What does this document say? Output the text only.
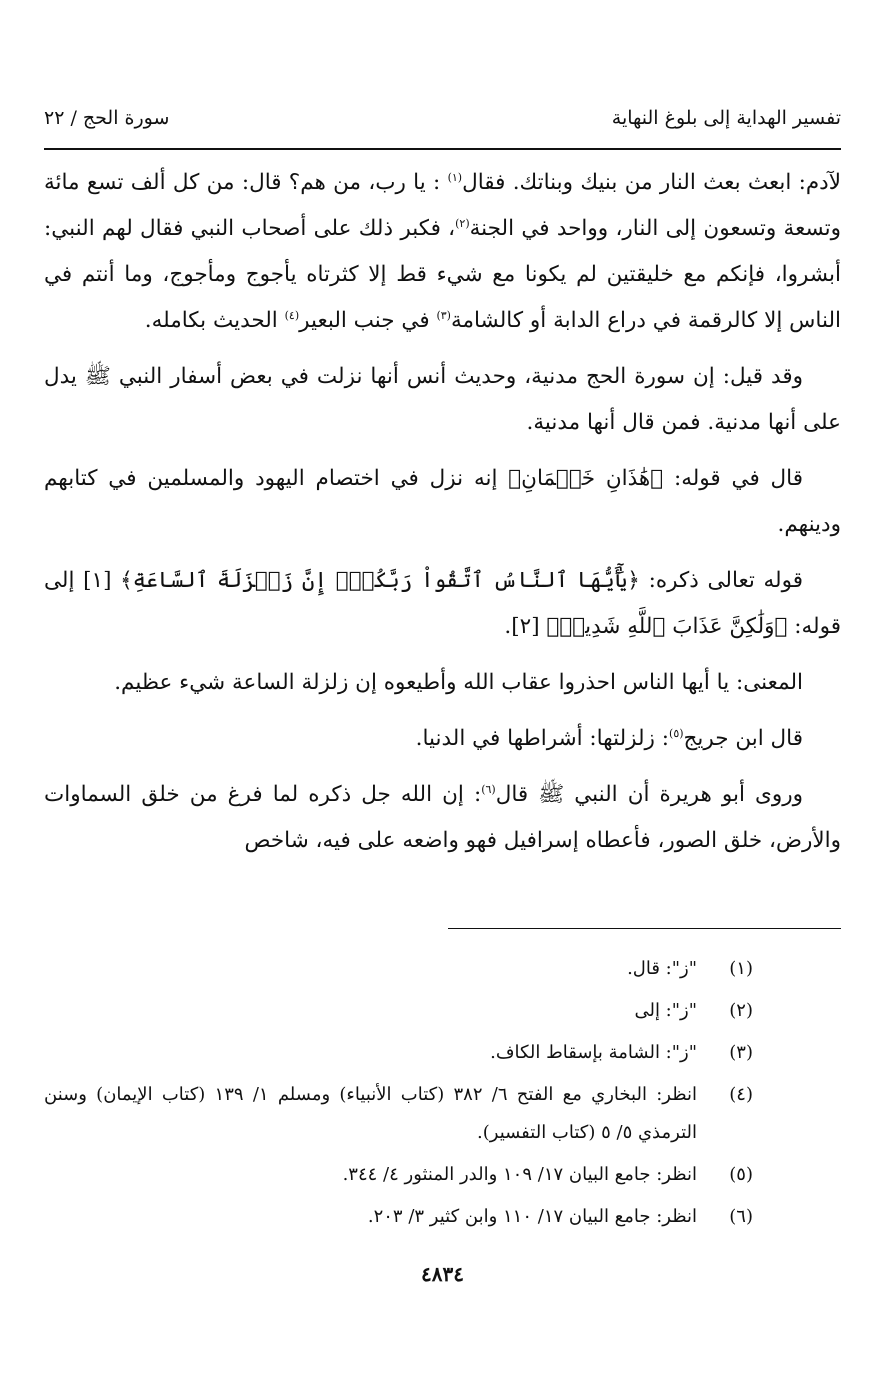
تفسير الهداية إلى بلوغ النهاية
سورة الحج / ٢٢

لآدم: ابعث بعث النار من بنيك وبناتك. فقال$^{(١)}$ : يا رب، من هم؟ قال: من كل ألف تسع مائة وتسعة وتسعون إلى النار، وواحد في الجنة$^{(٢)}$، فكبر ذلك على أصحاب النبي فقال لهم النبي: أبشروا، فإنكم مع خليقتين لم يكونا مع شيء قط إلا كثرتاه يأجوج ومأجوج، وما أنتم في الناس إلا كالرقمة في دراع الدابة أو كالشامة$^{(٣)}$ في جنب البعير$^{(٤)}$ الحديث بكامله.

وقد قيل: إن سورة الحج مدنية، وحديث أنس أنها نزلت في بعض أسفار النبي ﷺ يدل على أنها مدنية. فمن قال أنها مدنية.

قال في قوله: ﴿هَٰذَانِ خَصۡمَانِ﴾ إنه نزل في اختصام اليهود والمسلمين في كتابهم ودينهم.

قوله تعالى ذكره: ﴿يَٰٓأَيُّهَا ٱلنَّاسُ ٱتَّقُواْ رَبَّكُمۡۚ إِنَّ زَلۡزَلَةَ ٱلسَّاعَةِ﴾ [١] إلى قوله: ﴿وَلَٰكِنَّ عَذَابَ ٱللَّهِ شَدِيدٞ﴾ [٢].

المعنى: يا أيها الناس احذروا عقاب الله وأطيعوه إن زلزلة الساعة شيء عظيم.

قال ابن جريج$^{(٥)}$: زلزلتها: أشراطها في الدنيا.

وروى أبو هريرة أن النبي ﷺ قال$^{(٦)}$: إن الله جل ذكره لما فرغ من خلق السماوات والأرض، خلق الصور، فأعطاه إسرافيل فهو واضعه على فيه، شاخص

(١)
"ز": قال.
(٢)
"ز": إلى
(٣)
"ز": الشامة بإسقاط الكاف.
(٤)
انظر: البخاري مع الفتح ٦/ ٣٨٢ (كتاب الأنبياء) ومسلم ١/ ١٣٩ (كتاب الإيمان) وسنن الترمذي ٥/ ٥ (كتاب التفسير).
(٥)
انظر: جامع البيان ١٧/ ١٠٩ والدر المنثور ٤/ ٣٤٤.
(٦)
انظر: جامع البيان ١٧/ ١١٠ وابن كثير ٣/ ٢٠٣.
٤٨٣٤
